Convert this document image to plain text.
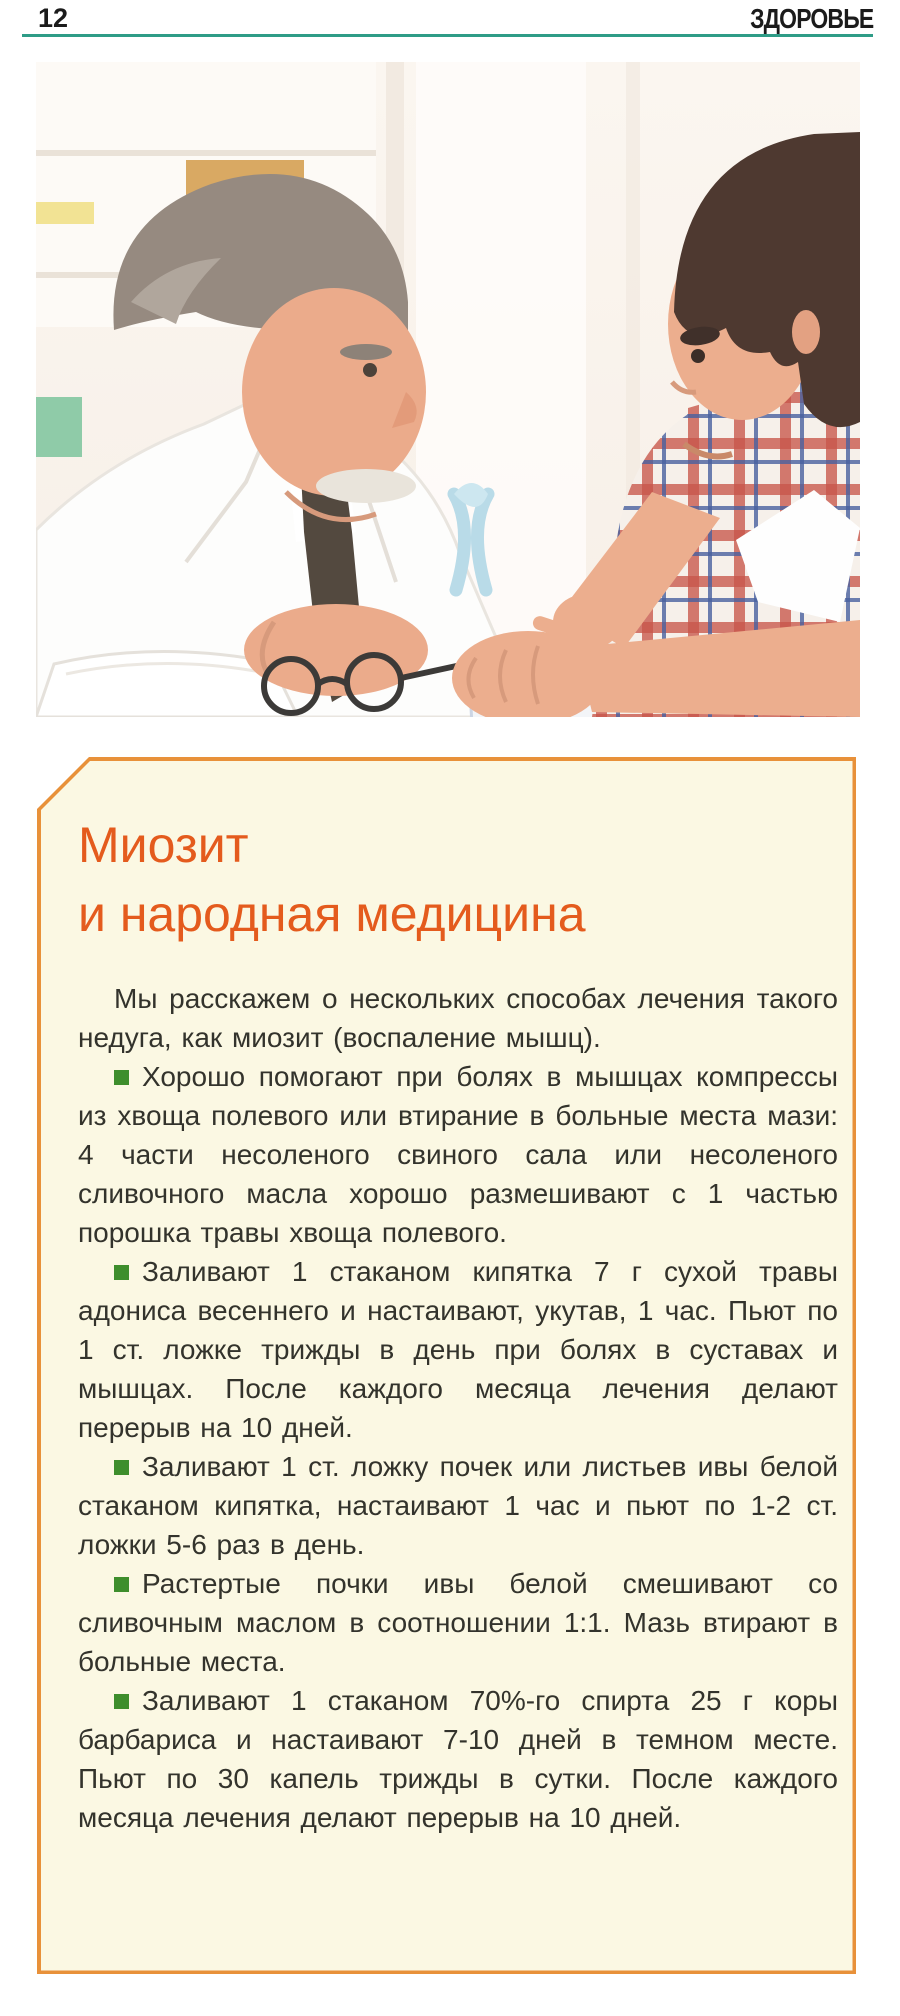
12	ЗДОРОВЬЕ
Миозит
и народная медицина

Мы расскажем о нескольких способах лечения такого недуга, как миозит (воспаление мышц).

Хорошо помогают при болях в мышцах компрессы из хвоща полевого или втирание в больные места мази: 4 части несоленого свиного сала или несоленого сливочного масла хорошо размешивают с 1 частью порошка травы хвоща полевого.

Заливают 1 стаканом кипятка 7 г сухой травы адониса весеннего и настаивают, укутав, 1 час. Пьют по 1 ст. ложке трижды в день при болях в суставах и мышцах. После каждого месяца лечения делают перерыв на 10 дней.

Заливают 1 ст. ложку почек или листьев ивы белой стаканом кипятка, настаивают 1 час и пьют по 1-2 ст. ложки 5-6 раз в день.

Растертые почки ивы белой смешивают со сливочным маслом в соотношении 1:1. Мазь втирают в больные места.

Заливают 1 стаканом 70%-го спирта 25 г коры барбариса и настаивают 7-10 дней в темном месте. Пьют по 30 капель трижды в сутки. После каждого месяца лечения делают перерыв на 10 дней.
